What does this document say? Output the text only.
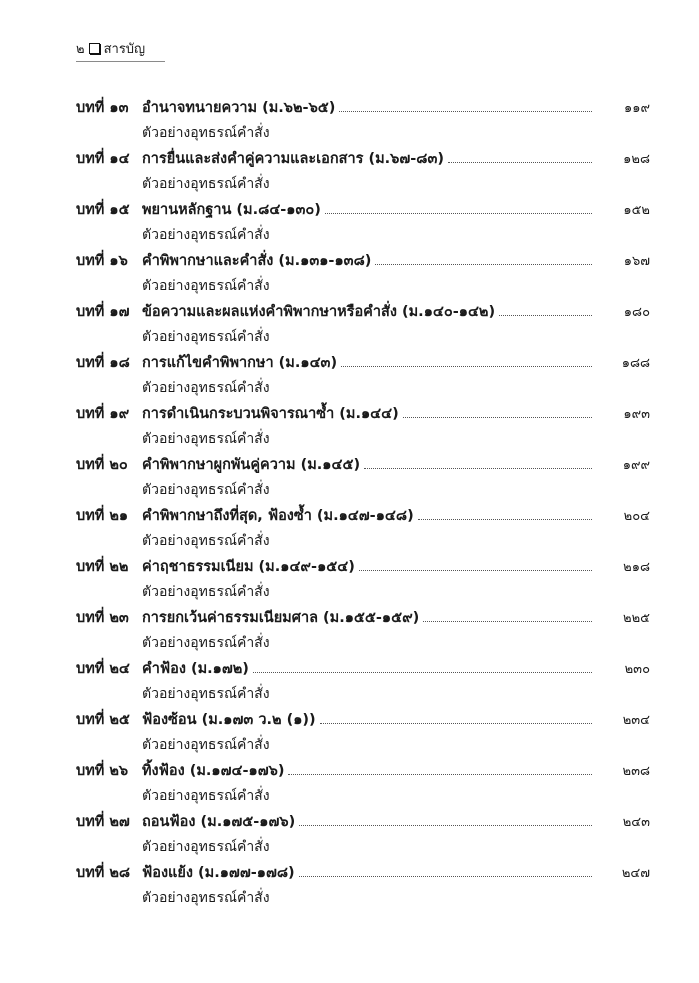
๒ สารบัญ
บทที่ ๑๓ อำนาจทนายความ (ม.๖๒-๖๕)	๑๑๙
ตัวอย่างอุทธรณ์คำสั่ง
บทที่ ๑๔ การยื่นและส่งคำคู่ความและเอกสาร (ม.๖๗-๘๓)	๑๒๘
ตัวอย่างอุทธรณ์คำสั่ง
บทที่ ๑๕ พยานหลักฐาน (ม.๘๔-๑๓๐)	๑๕๒
ตัวอย่างอุทธรณ์คำสั่ง
บทที่ ๑๖ คำพิพากษาและคำสั่ง (ม.๑๓๑-๑๓๘)	๑๖๗
ตัวอย่างอุทธรณ์คำสั่ง
บทที่ ๑๗ ข้อความและผลแห่งคำพิพากษาหรือคำสั่ง (ม.๑๔๐-๑๔๒)	๑๘๐
ตัวอย่างอุทธรณ์คำสั่ง
บทที่ ๑๘ การแก้ไขคำพิพากษา (ม.๑๔๓)	๑๘๘
ตัวอย่างอุทธรณ์คำสั่ง
บทที่ ๑๙ การดำเนินกระบวนพิจารณาซ้ำ (ม.๑๔๔)	๑๙๓
ตัวอย่างอุทธรณ์คำสั่ง
บทที่ ๒๐ คำพิพากษาผูกพันคู่ความ (ม.๑๔๕)	๑๙๙
ตัวอย่างอุทธรณ์คำสั่ง
บทที่ ๒๑ คำพิพากษาถึงที่สุด, ฟ้องซ้ำ (ม.๑๔๗-๑๔๘)	๒๐๔
ตัวอย่างอุทธรณ์คำสั่ง
บทที่ ๒๒ ค่าฤชาธรรมเนียม (ม.๑๔๙-๑๕๔)	๒๑๘
ตัวอย่างอุทธรณ์คำสั่ง
บทที่ ๒๓ การยกเว้นค่าธรรมเนียมศาล (ม.๑๕๕-๑๕๙)	๒๒๕
ตัวอย่างอุทธรณ์คำสั่ง
บทที่ ๒๔ คำฟ้อง (ม.๑๗๒)	๒๓๐
ตัวอย่างอุทธรณ์คำสั่ง
บทที่ ๒๕ ฟ้องซ้อน (ม.๑๗๓ ว.๒ (๑))	๒๓๔
ตัวอย่างอุทธรณ์คำสั่ง
บทที่ ๒๖ ทิ้งฟ้อง (ม.๑๗๔-๑๗๖)	๒๓๘
ตัวอย่างอุทธรณ์คำสั่ง
บทที่ ๒๗ ถอนฟ้อง (ม.๑๗๕-๑๗๖)	๒๔๓
ตัวอย่างอุทธรณ์คำสั่ง
บทที่ ๒๘ ฟ้องแย้ง (ม.๑๗๗-๑๗๘)	๒๔๗
ตัวอย่างอุทธรณ์คำสั่ง
